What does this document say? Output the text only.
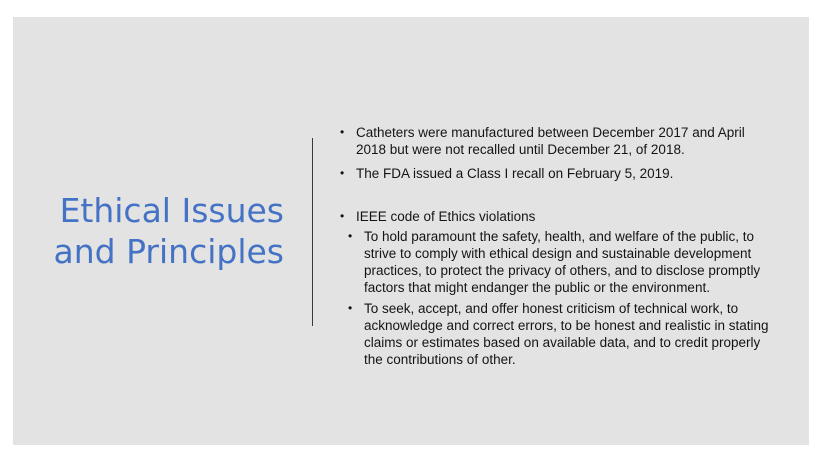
Ethical Issues
and Principles
• Catheters were manufactured between December 2017 and April 2018 but were not recalled until December 21, of 2018.
• The FDA issued a Class I recall on February 5, 2019.
• IEEE code of Ethics violations
• To hold paramount the safety, health, and welfare of the public, to strive to comply with ethical design and sustainable development practices, to protect the privacy of others, and to disclose promptly factors that might endanger the public or the environment.
• To seek, accept, and offer honest criticism of technical work, to acknowledge and correct errors, to be honest and realistic in stating claims or estimates based on available data, and to credit properly the contributions of other.
